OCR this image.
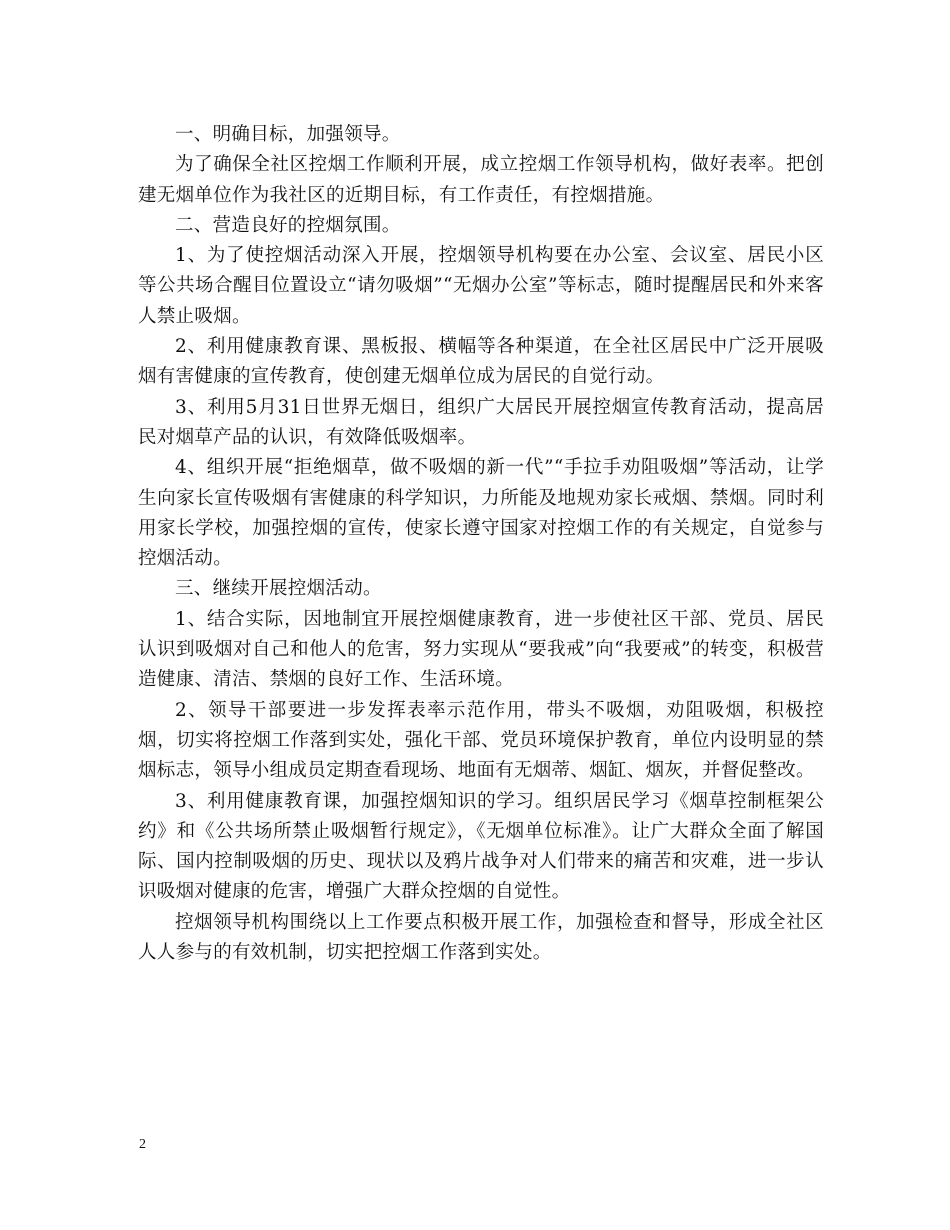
一、明确目标，加强领导。

为了确保全社区控烟工作顺利开展，成立控烟工作领导机构，做好表率。把创建无烟单位作为我社区的近期目标，有工作责任，有控烟措施。

二、营造良好的控烟氛围。

1、为了使控烟活动深入开展，控烟领导机构要在办公室、会议室、居民小区等公共场合醒目位置设立“请勿吸烟”“无烟办公室”等标志，随时提醒居民和外来客人禁止吸烟。

2、利用健康教育课、黑板报、横幅等各种渠道，在全社区居民中广泛开展吸烟有害健康的宣传教育，使创建无烟单位成为居民的自觉行动。

3、利用5月31日世界无烟日，组织广大居民开展控烟宣传教育活动，提高居民对烟草产品的认识，有效降低吸烟率。

4、组织开展“拒绝烟草，做不吸烟的新一代”“手拉手劝阻吸烟”等活动，让学生向家长宣传吸烟有害健康的科学知识，力所能及地规劝家长戒烟、禁烟。同时利用家长学校，加强控烟的宣传，使家长遵守国家对控烟工作的有关规定，自觉参与控烟活动。

三、继续开展控烟活动。

1、结合实际，因地制宜开展控烟健康教育，进一步使社区干部、党员、居民认识到吸烟对自己和他人的危害，努力实现从“要我戒”向“我要戒”的转变，积极营造健康、清洁、禁烟的良好工作、生活环境。

2、领导干部要进一步发挥表率示范作用，带头不吸烟，劝阻吸烟，积极控烟，切实将控烟工作落到实处，强化干部、党员环境保护教育，单位内设明显的禁烟标志，领导小组成员定期查看现场、地面有无烟蒂、烟缸、烟灰，并督促整改。

3、利用健康教育课，加强控烟知识的学习。组织居民学习《烟草控制框架公约》和《公共场所禁止吸烟暂行规定》，《无烟单位标准》。让广大群众全面了解国际、国内控制吸烟的历史、现状以及鸦片战争对人们带来的痛苦和灾难，进一步认识吸烟对健康的危害，增强广大群众控烟的自觉性。

控烟领导机构围绕以上工作要点积极开展工作，加强检查和督导，形成全社区人人参与的有效机制，切实把控烟工作落到实处。

2
